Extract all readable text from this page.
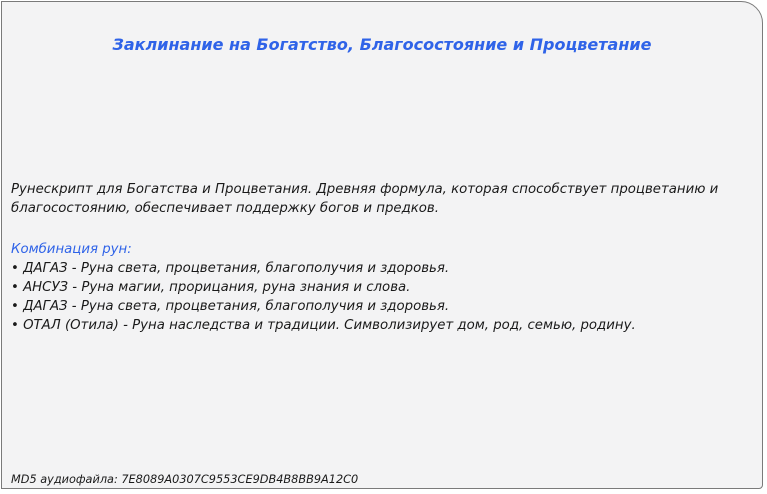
Заклинание на Богатство, Благосостояние и Процветание

Рунескрипт для Богатства и Процветания. Древняя формула, которая способствует процветанию и благосостоянию, обеспечивает поддержку богов и предков.

Комбинация рун:
• ДАГАЗ - Руна света, процветания, благополучия и здоровья.
• АНСУЗ - Руна магии, прорицания, руна знания и слова.
• ДАГАЗ - Руна света, процветания, благополучия и здоровья.
• ОТАЛ (Отила) - Руна наследства и традиции. Символизирует дом, род, семью, родину.

MD5 аудиофайла: 7E8089A0307C9553CE9DB4B8BB9A12C0
